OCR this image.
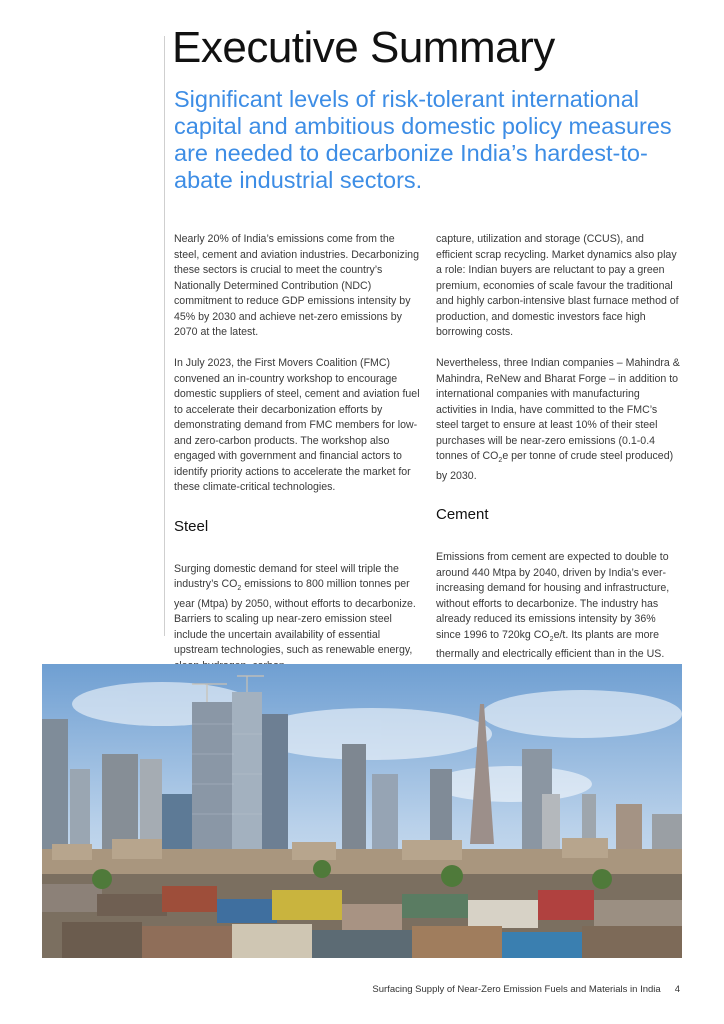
Executive Summary

Significant levels of risk-tolerant international capital and ambitious domestic policy measures are needed to decarbonize India’s hardest-to-abate industrial sectors.

Nearly 20% of India’s emissions come from the steel, cement and aviation industries. Decarbonizing these sectors is crucial to meet the country’s Nationally Determined Contribution (NDC) commitment to reduce GDP emissions intensity by 45% by 2030 and achieve net-zero emissions by 2070 at the latest.

In July 2023, the First Movers Coalition (FMC) convened an in-country workshop to encourage domestic suppliers of steel, cement and aviation fuel to accelerate their decarbonization efforts by demonstrating demand from FMC members for low- and zero-carbon products. The workshop also engaged with government and financial actors to identify priority actions to accelerate the market for these climate-critical technologies.

Steel

Surging domestic demand for steel will triple the industry’s $CO_2$ emissions to 800 million tonnes per year (Mtpa) by 2050, without efforts to decarbonize. Barriers to scaling up near-zero emission steel include the uncertain availability of essential upstream technologies, such as renewable energy,

capture, utilization and storage (CCUS), and efficient scrap recycling. Market dynamics also play a role: Indian buyers are reluctant to pay a green premium, economies of scale favour the traditional and highly carbon-intensive blast furnace method of production, and domestic investors face high borrowing costs.

Nevertheless, three Indian companies – Mahindra & Mahindra, ReNew and Bharat Forge – in addition to international companies with manufacturing activities in India, have committed to the FMC’s steel target to ensure at least 10% of their steel purchases will be near-zero emissions (0.1-0.4 tonnes of $CO_2e$ per tonne of crude steel produced) by 2030.

Cement

Emissions from cement are expected to double to around 440 Mtpa by 2040, driven by India’s ever-increasing demand for housing and infrastructure, without efforts to decarbonize. The industry has already reduced its emissions intensity by 36% since 1996 to 720kg $CO_2e/t$. Its plants are more thermally and electrically efficient than in the US.

Surfacing Supply of Near-Zero Emission Fuels and Materials in India 4
